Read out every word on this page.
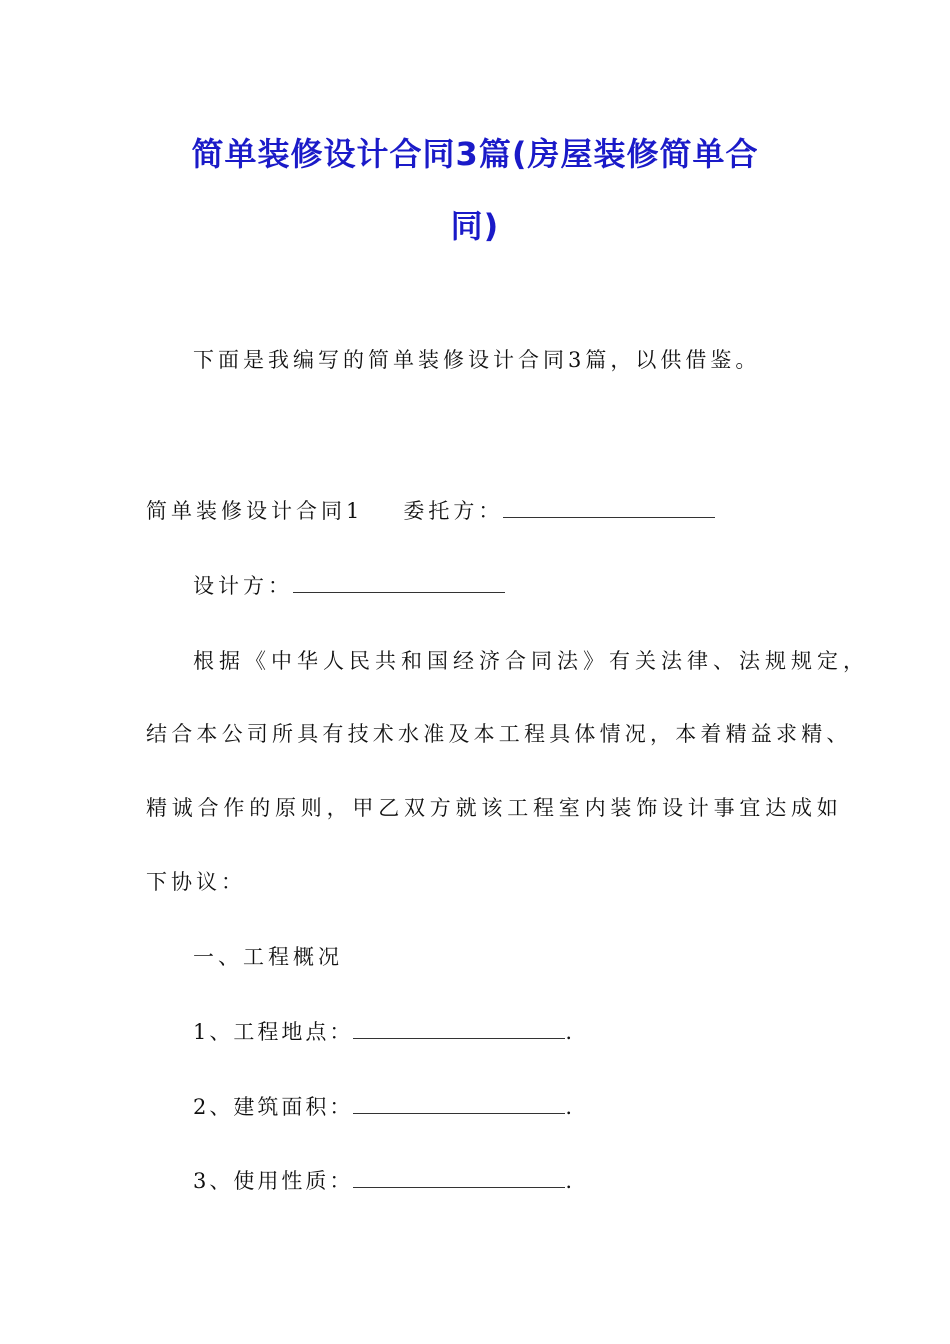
简单装修设计合同3篇(房屋装修简单合
同)
下面是我编写的简单装修设计合同3篇，以供借鉴。
简单装修设计合同1 委托方：
设计方：
根据《中华人民共和国经济合同法》有关法律、法规规定，
结合本公司所具有技术水准及本工程具体情况，本着精益求精、
精诚合作的原则，甲乙双方就该工程室内装饰设计事宜达成如
下协议：
一、工程概况
1、工程地点：	.
2、建筑面积：	.
3、使用性质：	.
